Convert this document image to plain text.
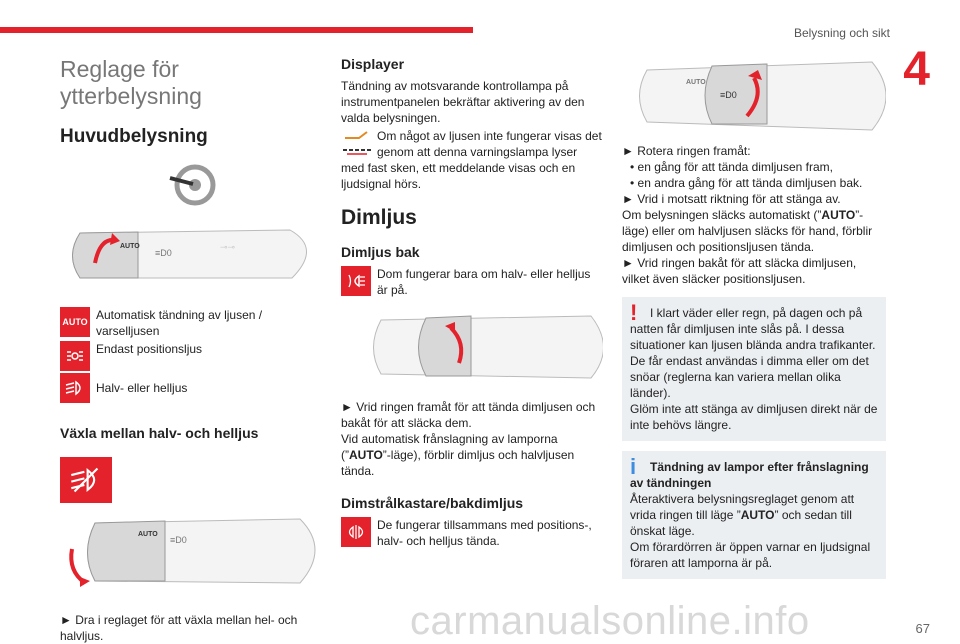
Belysning och sikt
4
Reglage för ytterbelysning
Huvudbelysning
AUTO
≡D0
⊸⊸
AUTO Automatisk tändning av ljusen / varselljusen
Endast positionsljus
Halv- eller helljus
Växla mellan halv- och helljus
AUTO
≡D0

► Dra i reglaget för att växla mellan hel- och halvljus.

Displayer

Tändning av motsvarande kontrollampa på instrumentpanelen bekräftar aktivering av den valda belysningen.

Om något av ljusen inte fungerar visas det genom att denna varningslampa lyser med fast sken, ett meddelande visas och en ljudsignal hörs.

Dimljus
Dimljus bak
Dom fungerar bara om halv- eller helljus är på.

► Vrid ringen framåt för att tända dimljusen och bakåt för att släcka dem.

Vid automatisk frånslagning av lamporna (”AUTO”-läge), förblir dimljus och halvljusen tända.

Dimstrålkastare/bakdimljus
De fungerar tillsammans med positions-, halv- och helljus tända.
AUTO
≡D0

► Rotera ringen framåt:

• en gång för att tända dimljusen fram,

• en andra gång för att tända dimljusen bak.

► Vrid i motsatt riktning för att stänga av.

Om belysningen släcks automatiskt (”AUTO”-läge) eller om halvljusen släcks för hand, förblir dimljusen och positionsljusen tända.

► Vrid ringen bakåt för att släcka dimljusen, vilket även släcker positionsljusen.

!	I klart väder eller regn, på dagen och på natten får dimljusen inte slås på. I dessa situationer kan ljusen blända andra trafikanter. De får endast användas i dimma eller om det snöar (reglerna kan variera mellan olika länder).

Glöm inte att stänga av dimljusen direkt när de inte behövs längre.

i	Tändning av lampor efter frånslagning av tändningen

Återaktivera belysningsreglaget genom att vrida ringen till läge ”AUTO” och sedan till önskat läge.

Om förardörren är öppen varnar en ljudsignal föraren att lamporna är på.

carmanualsonline.info	67
